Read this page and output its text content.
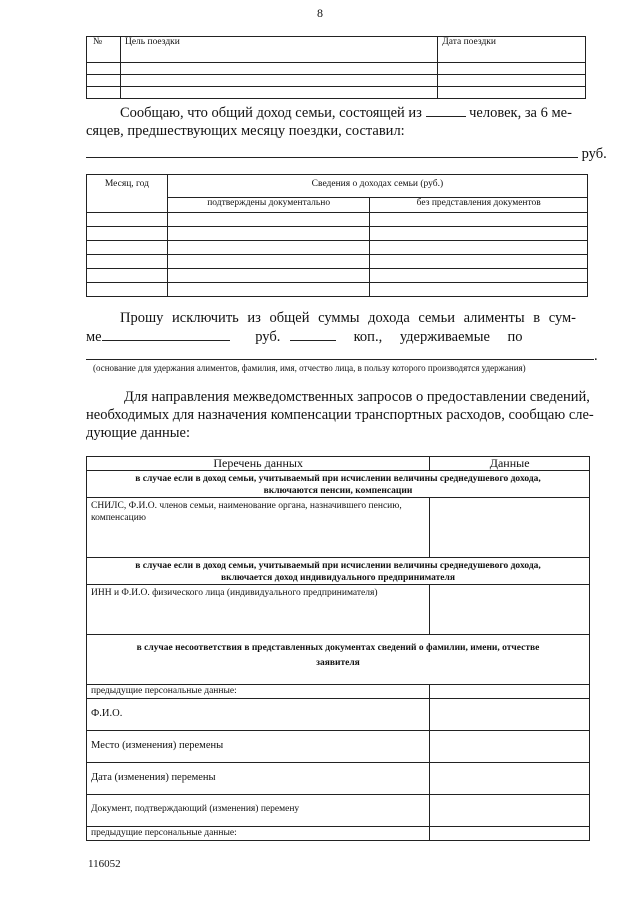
8
№	Цель поездки	Дата поездки

Сообщаю, что общий доход семьи, состоящей из	человек, за 6 ме-
сяцев, предшествующих месяцу поездки, составил:
руб.
Месяц, год	Сведения о доходах семьи (руб.)	
	подтверждены документально	без представления документов

Прошу исключить из общей суммы дохода семьи алименты в сум-
ме	руб.	коп., удерживаемые по
.
(основание для удержания алиментов, фамилия, имя, отчество лица, в пользу которого производятся удержания)
Для направления межведомственных запросов о предоставлении сведений,
необходимых для назначения компенсации транспортных расходов, сообщаю сле-
дующие данные:
Перечень данных	Данные
в случае если в доход семьи, учитываемый при исчислении величины среднедушевого дохода, включаются пенсии, компенсации	
СНИЛС, Ф.И.О. членов семьи, наименование органа, назначившего пенсию, компенсацию	
в случае если в доход семьи, учитываемый при исчислении величины среднедушевого дохода, включается доход индивидуального предпринимателя	
ИНН и Ф.И.О. физического лица (индивидуального предпринимателя)	
в случае несоответствия в представленных документах сведений о фамилии, имени, отчестве заявителя	
предыдущие персональные данные:	
Ф.И.О.	
Место (изменения) перемены	
Дата (изменения) перемены	
Документ, подтверждающий (изменения) перемену	
предыдущие персональные данные:	
116052
